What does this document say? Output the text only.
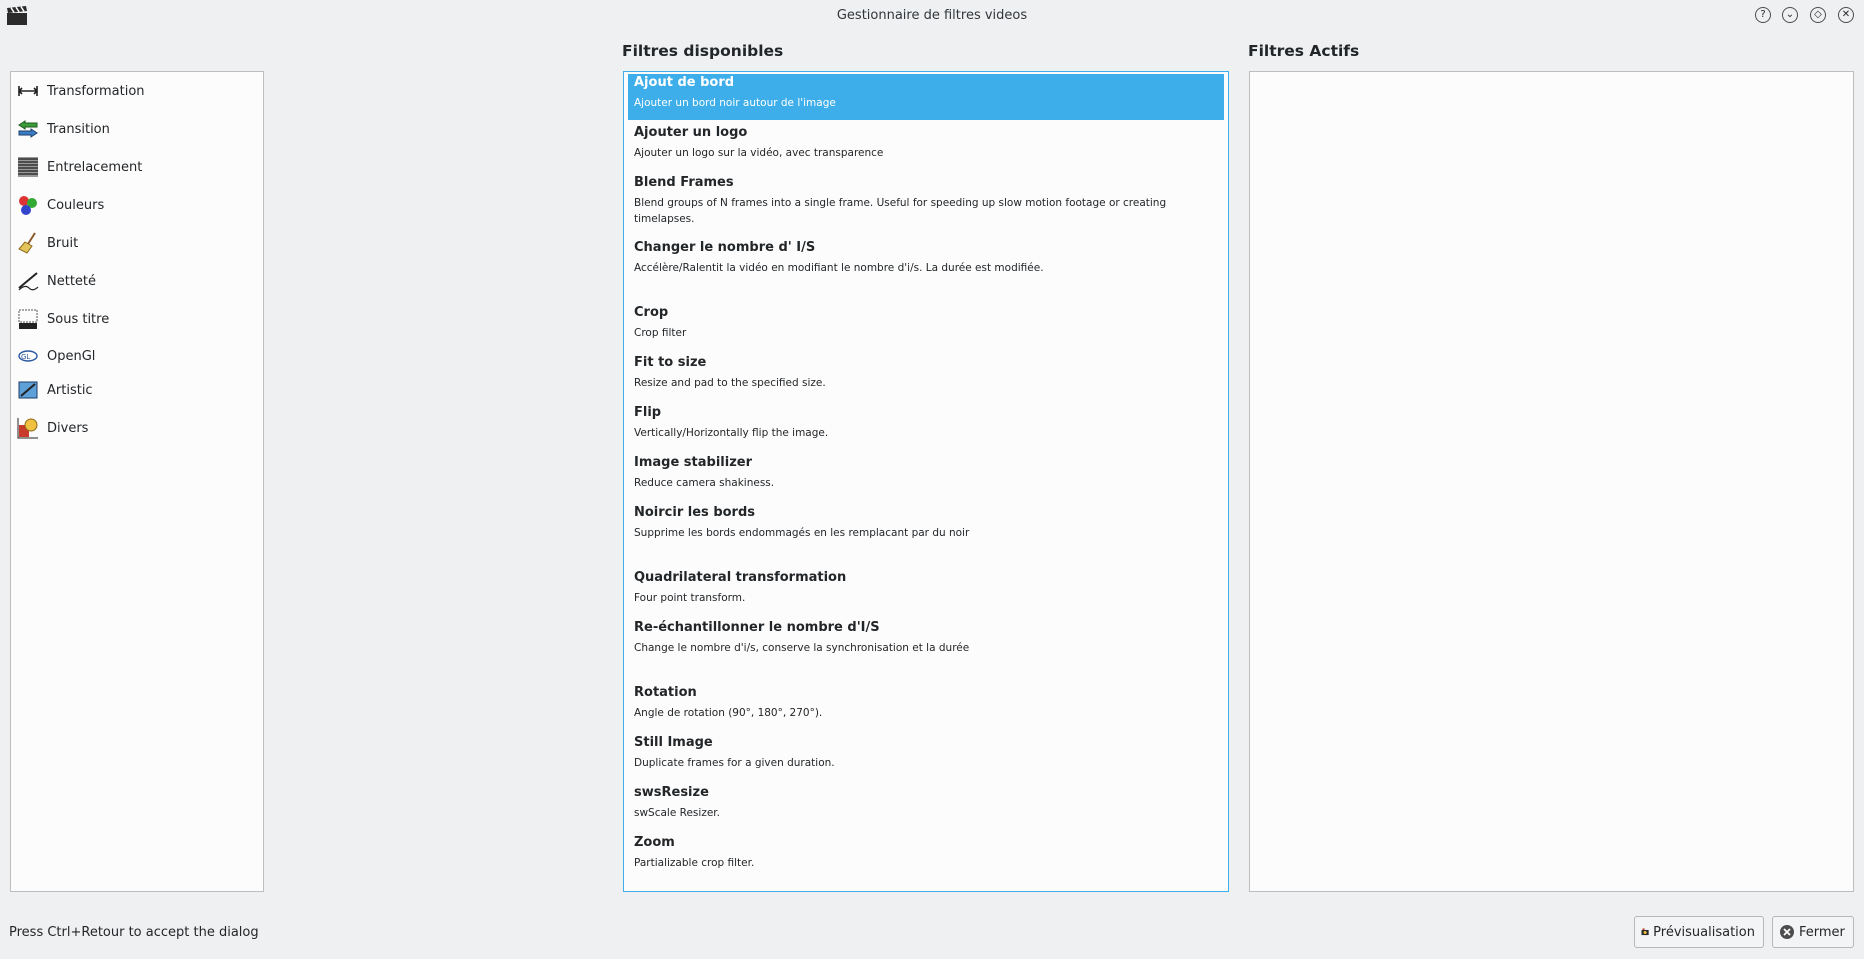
Gestionnaire de filtres videos	?	⌄	◇	✕
Filtres disponibles	Filtres Actifs
Transformation
Transition
Entrelacement
Couleurs
Bruit
Netteté
Sous titre
GL OpenGl
Artistic
Divers
Ajout de bord
Ajouter un bord noir autour de l'image
Ajouter un logo
Ajouter un logo sur la vidéo, avec transparence
Blend Frames
Blend groups of N frames into a single frame. Useful for speeding up slow motion footage or creating timelapses.
Changer le nombre d' I/S
Accélère/Ralentit la vidéo en modifiant le nombre d'i/s. La durée est modifiée.
Crop
Crop filter
Fit to size
Resize and pad to the specified size.
Flip
Vertically/Horizontally flip the image.
Image stabilizer
Reduce camera shakiness.
Noircir les bords
Supprime les bords endommagés en les remplacant par du noir
Quadrilateral transformation
Four point transform.
Re-échantillonner le nombre d'I/S
Change le nombre d'i/s, conserve la synchronisation et la durée
Rotation
Angle de rotation (90°, 180°, 270°).
Still Image
Duplicate frames for a given duration.
swsResize
swScale Resizer.
Zoom
Partializable crop filter.
Press Ctrl+Retour to accept the dialog	Prévisualisation	Fermer
